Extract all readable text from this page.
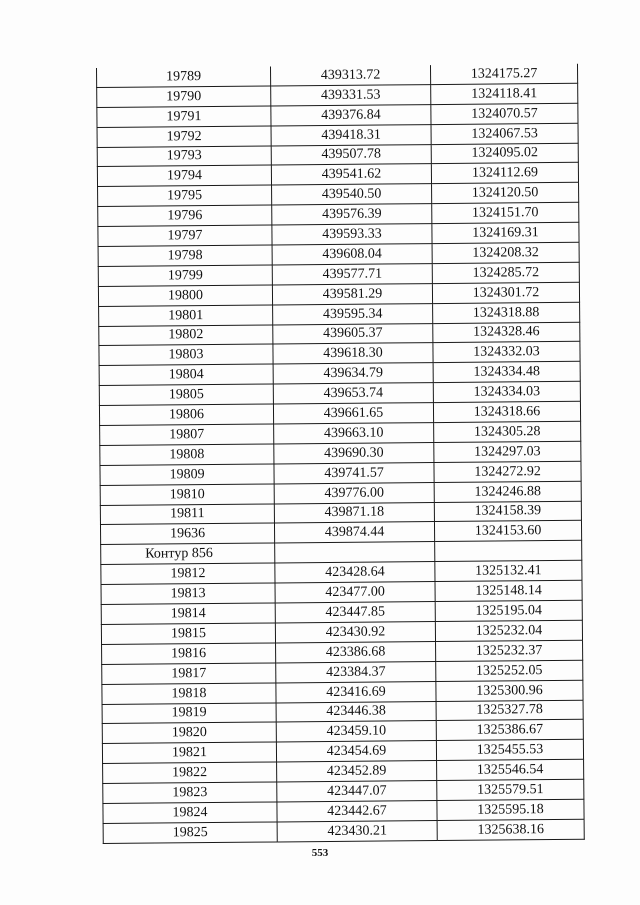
19789	439313.72	1324175.27
19790	439331.53	1324118.41
19791	439376.84	1324070.57
19792	439418.31	1324067.53
19793	439507.78	1324095.02
19794	439541.62	1324112.69
19795	439540.50	1324120.50
19796	439576.39	1324151.70
19797	439593.33	1324169.31
19798	439608.04	1324208.32
19799	439577.71	1324285.72
19800	439581.29	1324301.72
19801	439595.34	1324318.88
19802	439605.37	1324328.46
19803	439618.30	1324332.03
19804	439634.79	1324334.48
19805	439653.74	1324334.03
19806	439661.65	1324318.66
19807	439663.10	1324305.28
19808	439690.30	1324297.03
19809	439741.57	1324272.92
19810	439776.00	1324246.88
19811	439871.18	1324158.39
19636	439874.44	1324153.60
Контур 856		
19812	423428.64	1325132.41
19813	423477.00	1325148.14
19814	423447.85	1325195.04
19815	423430.92	1325232.04
19816	423386.68	1325232.37
19817	423384.37	1325252.05
19818	423416.69	1325300.96
19819	423446.38	1325327.78
19820	423459.10	1325386.67
19821	423454.69	1325455.53
19822	423452.89	1325546.54
19823	423447.07	1325579.51
19824	423442.67	1325595.18
19825	423430.21	1325638.16
553
